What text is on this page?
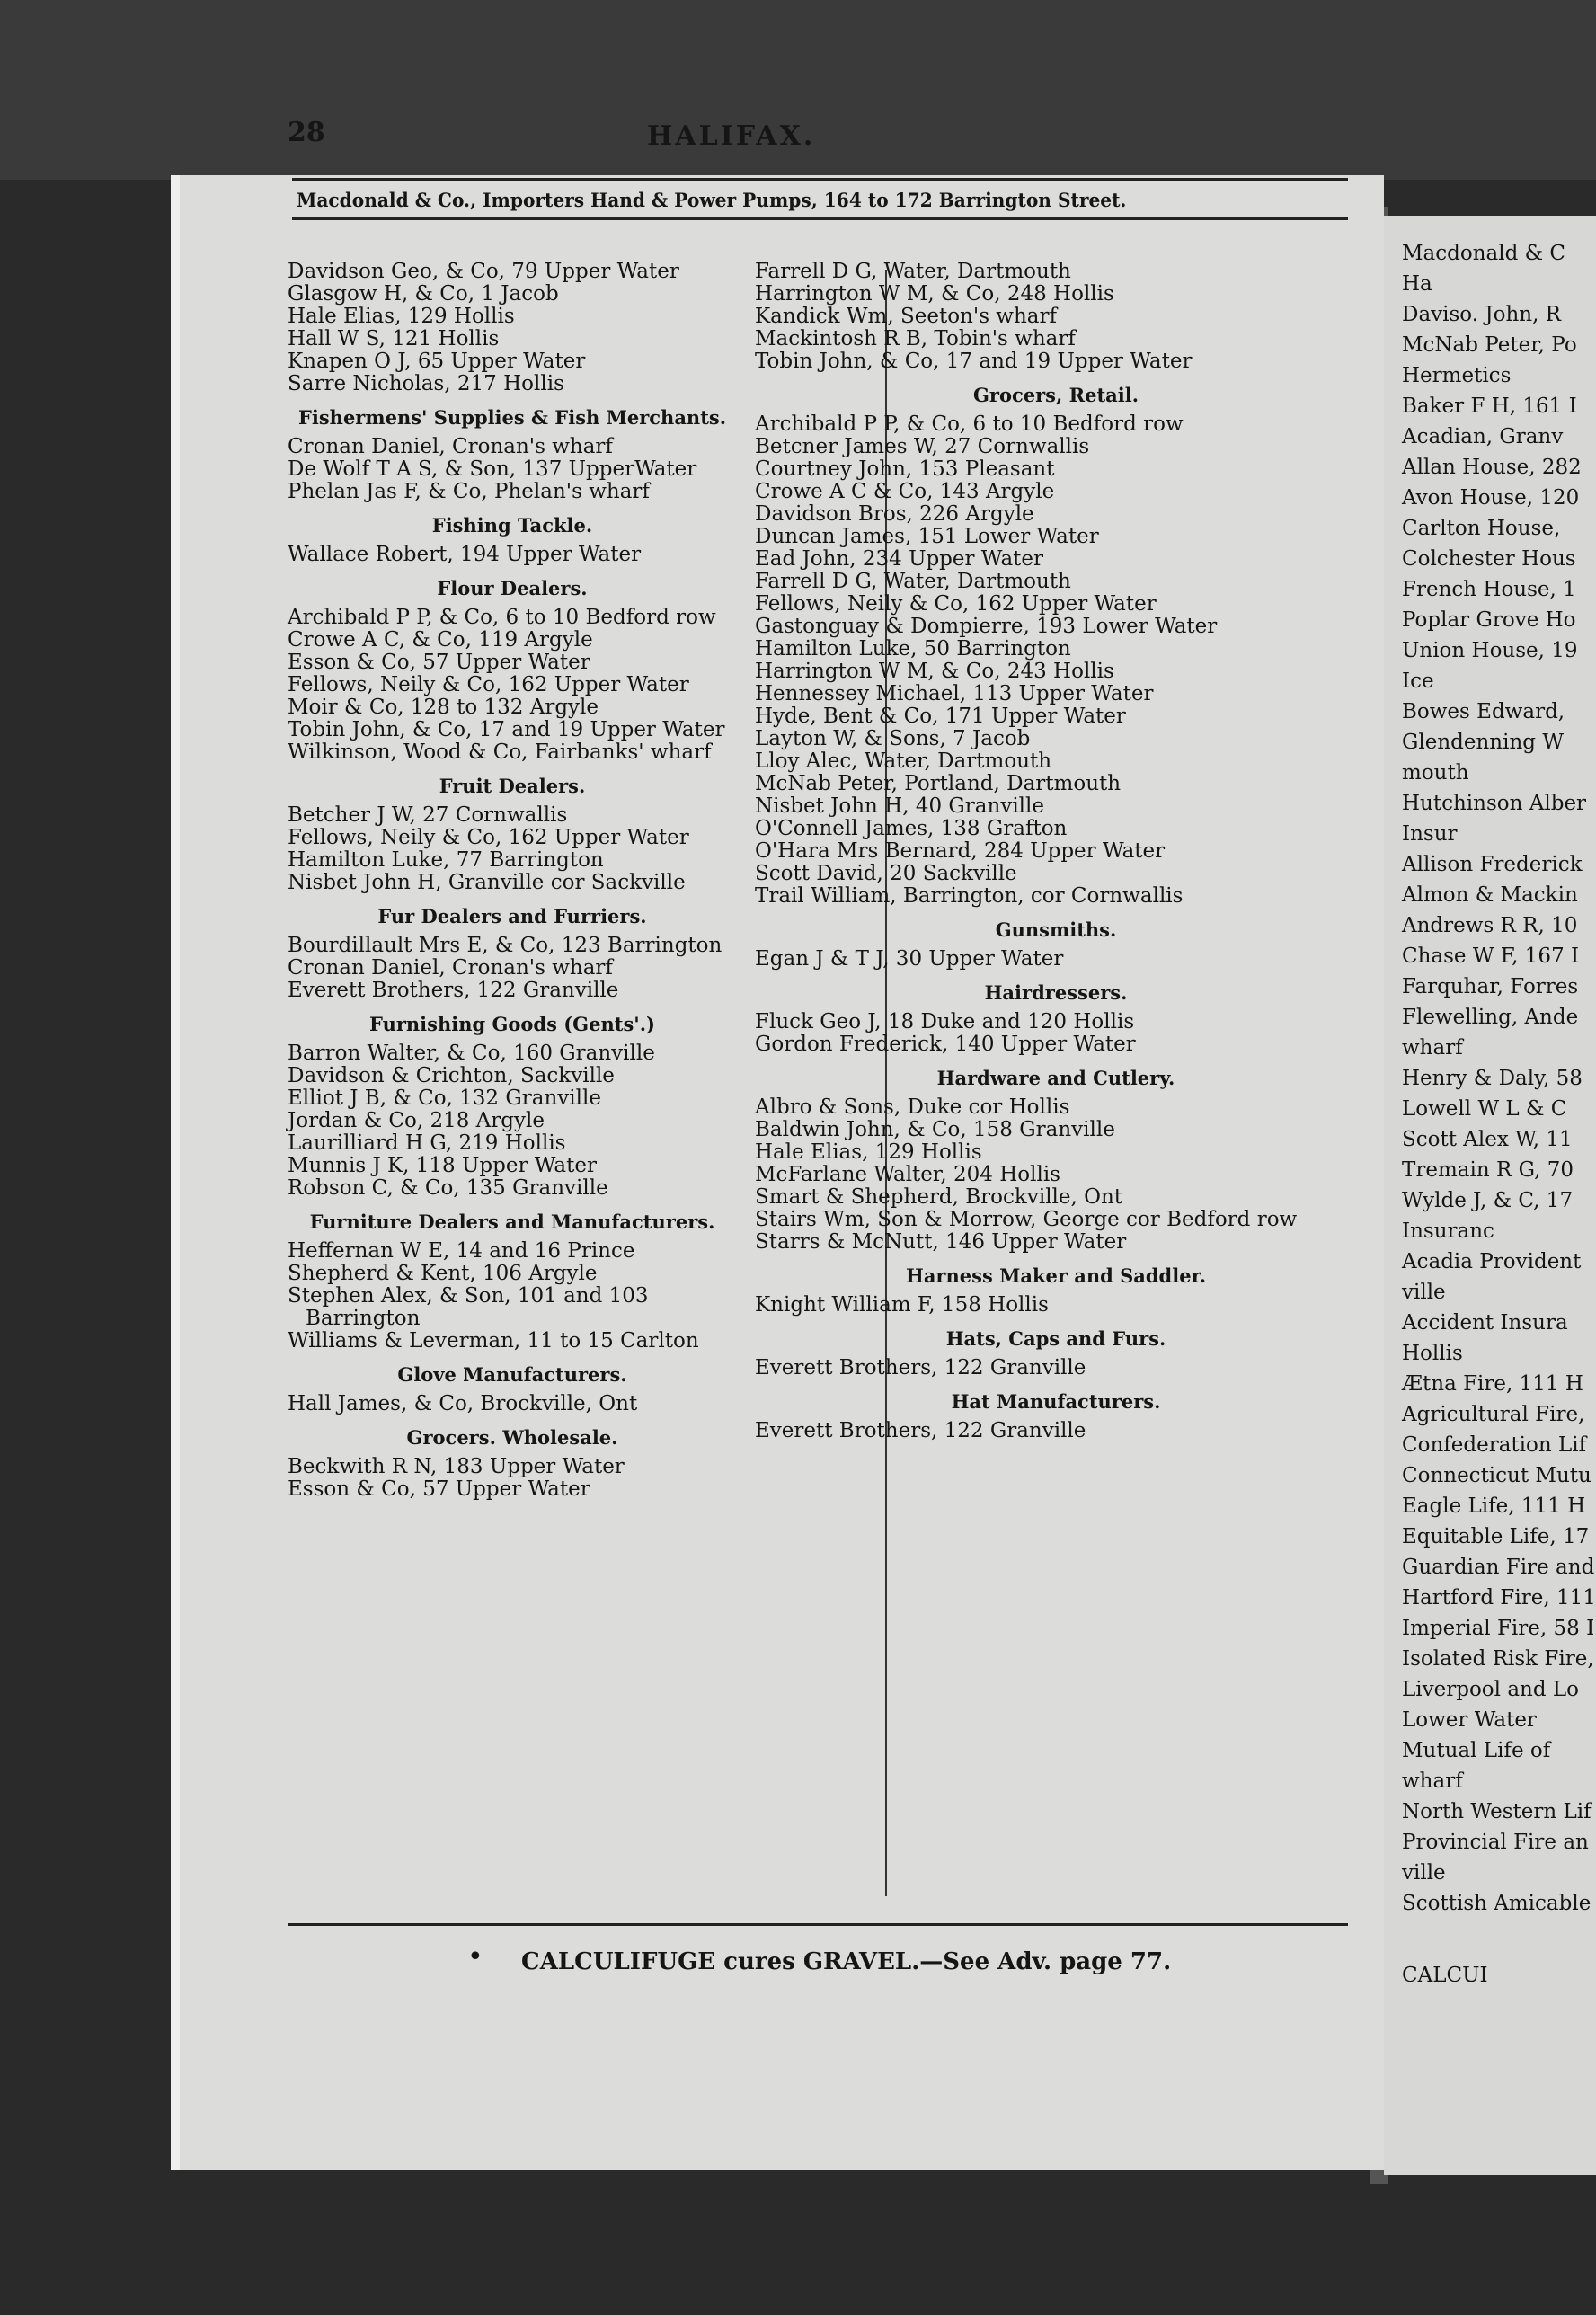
28	HALIFAX.
Macdonald & Co., Importers Hand & Power Pumps, 164 to 172 Barrington Street.

Davidson Geo, & Co, 79 Upper Water

Glasgow H, & Co, 1 Jacob

Hale Elias, 129 Hollis

Hall W S, 121 Hollis

Knapen O J, 65 Upper Water

Sarre Nicholas, 217 Hollis

Fishermens' Supplies & Fish Merchants.

Cronan Daniel, Cronan's wharf

De Wolf T A S, & Son, 137 UpperWater

Phelan Jas F, & Co, Phelan's wharf

Fishing Tackle.

Wallace Robert, 194 Upper Water

Flour Dealers.

Archibald P P, & Co, 6 to 10 Bedford row

Crowe A C, & Co, 119 Argyle

Esson & Co, 57 Upper Water

Fellows, Neily & Co, 162 Upper Water

Moir & Co, 128 to 132 Argyle

Tobin John, & Co, 17 and 19 Upper Water

Wilkinson, Wood & Co, Fairbanks' wharf

Fruit Dealers.

Betcher J W, 27 Cornwallis

Fellows, Neily & Co, 162 Upper Water

Hamilton Luke, 77 Barrington

Nisbet John H, Granville cor Sackville

Fur Dealers and Furriers.

Bourdillault Mrs E, & Co, 123 Barrington

Cronan Daniel, Cronan's wharf

Everett Brothers, 122 Granville

Furnishing Goods (Gents'.)

Barron Walter, & Co, 160 Granville

Davidson & Crichton, Sackville

Elliot J B, & Co, 132 Granville

Jordan & Co, 218 Argyle

Laurilliard H G, 219 Hollis

Munnis J K, 118 Upper Water

Robson C, & Co, 135 Granville

Furniture Dealers and Manufacturers.

Heffernan W E, 14 and 16 Prince

Shepherd & Kent, 106 Argyle

Stephen Alex, & Son, 101 and 103 Barrington

Williams & Leverman, 11 to 15 Carlton

Glove Manufacturers.

Hall James, & Co, Brockville, Ont

Grocers. Wholesale.

Beckwith R N, 183 Upper Water

Esson & Co, 57 Upper Water

Farrell D G, Water, Dartmouth

Harrington W M, & Co, 248 Hollis

Kandick Wm, Seeton's wharf

Mackintosh R B, Tobin's wharf

Tobin John, & Co, 17 and 19 Upper Water

Grocers, Retail.

Archibald P P, & Co, 6 to 10 Bedford row

Betcner James W, 27 Cornwallis

Courtney John, 153 Pleasant

Crowe A C & Co, 143 Argyle

Davidson Bros, 226 Argyle

Duncan James, 151 Lower Water

Ead John, 234 Upper Water

Farrell D G, Water, Dartmouth

Fellows, Neily & Co, 162 Upper Water

Gastonguay & Dompierre, 193 Lower Water

Hamilton Luke, 50 Barrington

Harrington W M, & Co, 243 Hollis

Hennessey Michael, 113 Upper Water

Hyde, Bent & Co, 171 Upper Water

Layton W, & Sons, 7 Jacob

Lloy Alec, Water, Dartmouth

McNab Peter, Portland, Dartmouth

Nisbet John H, 40 Granville

O'Connell James, 138 Grafton

O'Hara Mrs Bernard, 284 Upper Water

Scott David, 20 Sackville

Trail William, Barrington, cor Cornwallis

Gunsmiths.

Egan J & T J, 30 Upper Water

Hairdressers.

Fluck Geo J, 18 Duke and 120 Hollis

Gordon Frederick, 140 Upper Water

Hardware and Cutlery.

Albro & Sons, Duke cor Hollis

Baldwin John, & Co, 158 Granville

Hale Elias, 129 Hollis

McFarlane Walter, 204 Hollis

Smart & Shepherd, Brockville, Ont

Stairs Wm, Son & Morrow, George cor Bedford row

Starrs & McNutt, 146 Upper Water

Harness Maker and Saddler.

Knight William F, 158 Hollis

Hats, Caps and Furs.

Everett Brothers, 122 Granville

Hat Manufacturers.

Everett Brothers, 122 Granville

• CALCULIFUGE cures GRAVEL.—See Adv. page 77.
Macdonald & C
Ha
Daviso. John, R
McNab Peter, Po
Hermetics
Baker F H, 161 I
Acadian, Granv
Allan House, 282
Avon House, 120
Carlton House,
Colchester Hous
French House, 1
Poplar Grove Ho
Union House, 19
Ice
Bowes Edward,
Glendenning W
mouth
Hutchinson Alber
Insur
Allison Frederick
Almon & Mackin
Andrews R R, 10
Chase W F, 167 I
Farquhar, Forres
Flewelling, Ande
wharf
Henry & Daly, 58
Lowell W L & C
Scott Alex W, 11
Tremain R G, 70
Wylde J, & C, 17
Insuranc
Acadia Provident
ville
Accident Insura
Hollis
Ætna Fire, 111 H
Agricultural Fire,
Confederation Lif
Connecticut Mutu
Eagle Life, 111 H
Equitable Life, 17
Guardian Fire and
Hartford Fire, 111
Imperial Fire, 58 I
Isolated Risk Fire,
Liverpool and Lo
Lower Water
Mutual Life of
wharf
North Western Lif
Provincial Fire an
ville
Scottish Amicable
CALCUI
